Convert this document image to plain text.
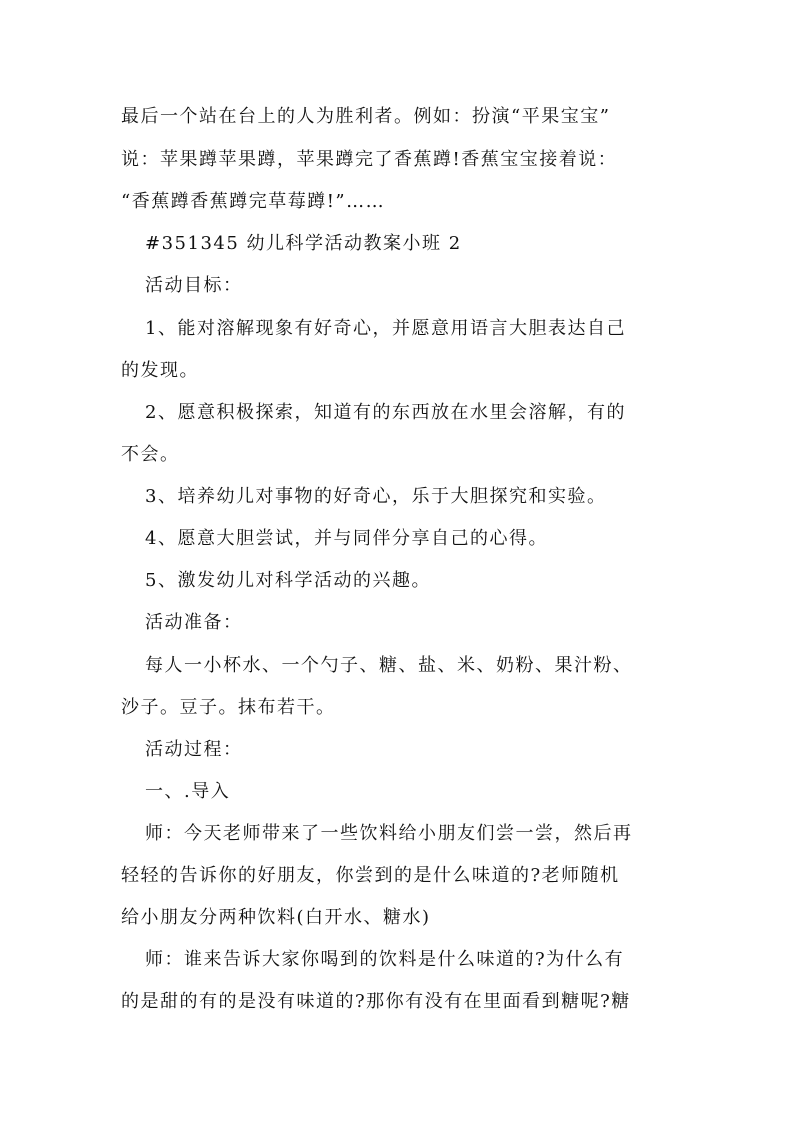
最后一个站在台上的人为胜利者。例如：扮演“平果宝宝”
说：苹果蹲苹果蹲，苹果蹲完了香蕉蹲!香蕉宝宝接着说：
“香蕉蹲香蕉蹲完草莓蹲!”……
#351345 幼儿科学活动教案小班 2
活动目标：
1、能对溶解现象有好奇心，并愿意用语言大胆表达自己
的发现。
2、愿意积极探索，知道有的东西放在水里会溶解，有的
不会。
3、培养幼儿对事物的好奇心，乐于大胆探究和实验。
4、愿意大胆尝试，并与同伴分享自己的心得。
5、激发幼儿对科学活动的兴趣。
活动准备：
每人一小杯水、一个勺子、糖、盐、米、奶粉、果汁粉、
沙子。豆子。抹布若干。
活动过程：
一、.导入
师：今天老师带来了一些饮料给小朋友们尝一尝，然后再
轻轻的告诉你的好朋友，你尝到的是什么味道的?老师随机
给小朋友分两种饮料(白开水、糖水)
师：谁来告诉大家你喝到的饮料是什么味道的?为什么有
的是甜的有的是没有味道的?那你有没有在里面看到糖呢?糖
